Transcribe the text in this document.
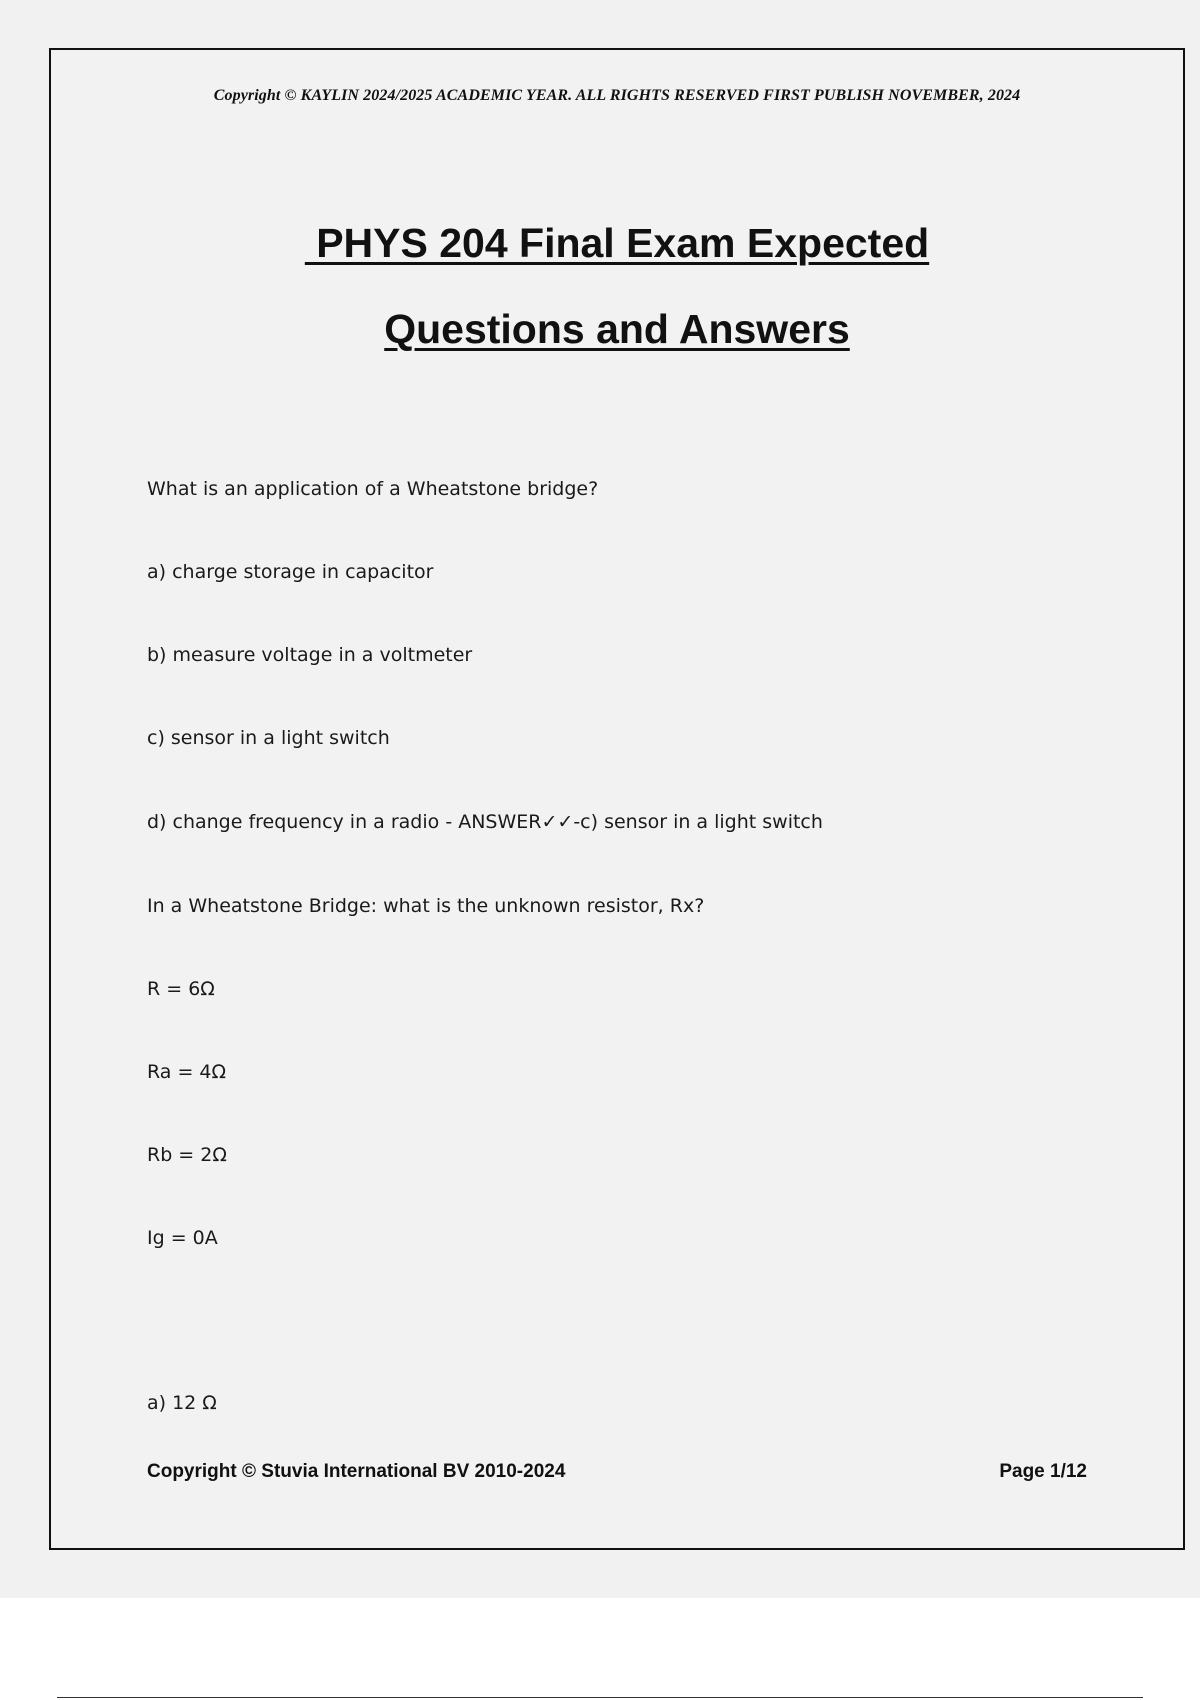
Copyright © KAYLIN 2024/2025 ACADEMIC YEAR. ALL RIGHTS RESERVED FIRST PUBLISH NOVEMBER, 2024
PHYS 204 Final Exam Expected
Questions and Answers
What is an application of a Wheatstone bridge?
a) charge storage in capacitor
b) measure voltage in a voltmeter
c) sensor in a light switch
d) change frequency in a radio - ANSWER✓✓-c) sensor in a light switch
In a Wheatstone Bridge: what is the unknown resistor, Rx?
R = 6Ω
Ra = 4Ω
Rb = 2Ω
Ig = 0A
a) 12 Ω
Copyright © Stuvia International BV 2010-2024	Page 1/12
